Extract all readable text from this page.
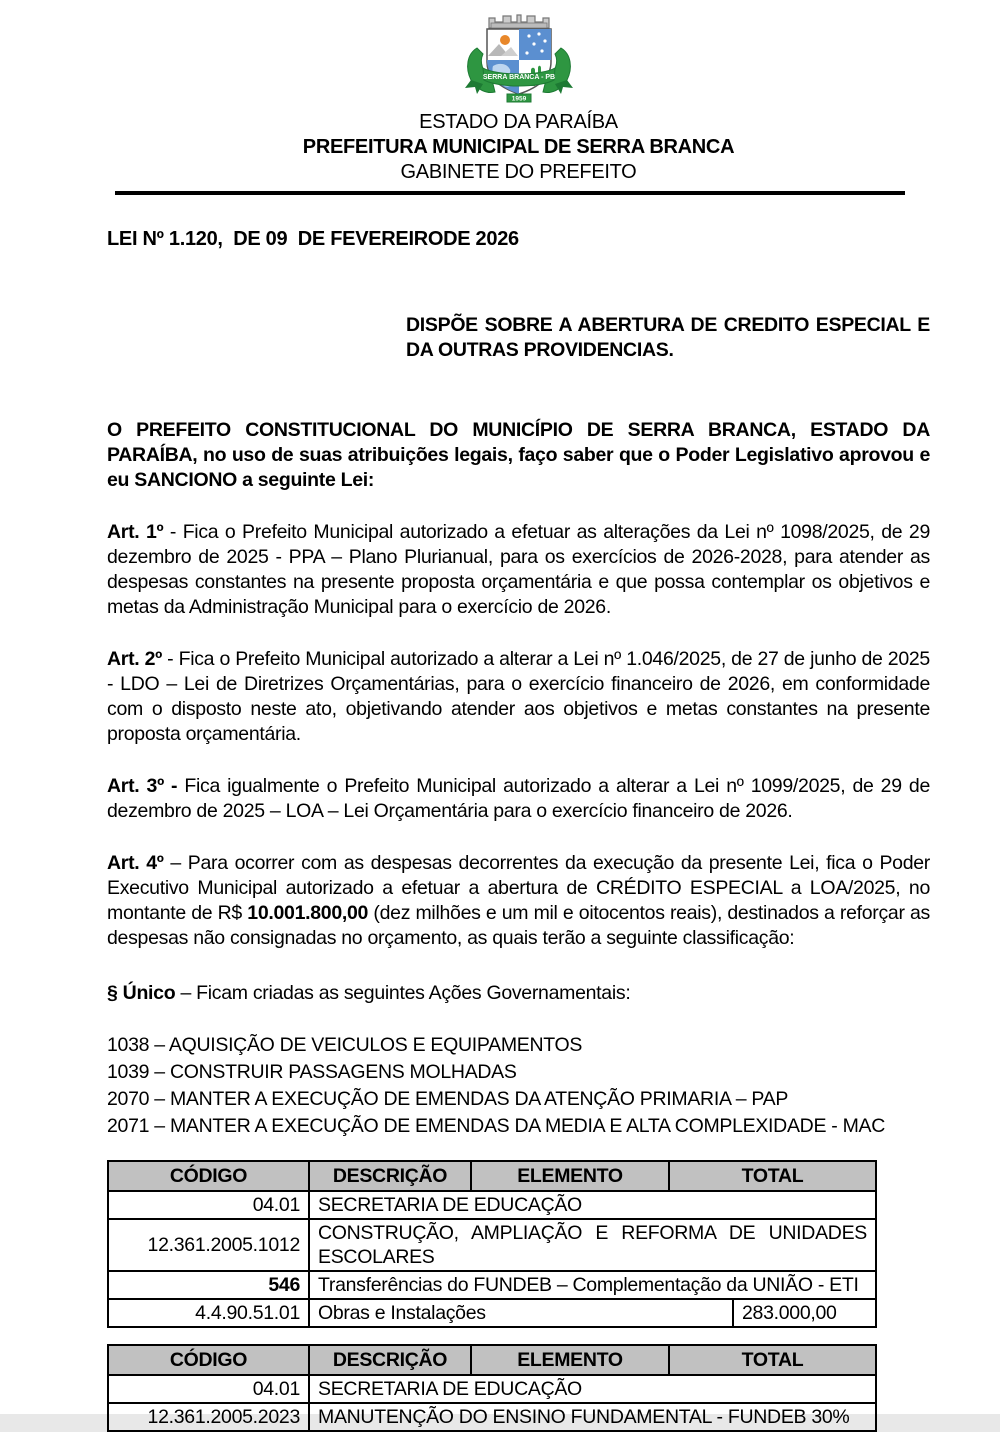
SERRA BRANCA - PB
1959
ESTADO DA PARAÍBA
PREFEITURA MUNICIPAL DE SERRA BRANCA
GABINETE DO PREFEITO
LEI Nº 1.120,  DE 09  DE FEVEREIRODE 2026
DISPÕE SOBRE A ABERTURA DE CREDITO ESPECIAL E DA OUTRAS PROVIDENCIAS.
O PREFEITO CONSTITUCIONAL DO MUNICÍPIO DE SERRA BRANCA, ESTADO DA PARAÍBA, no uso de suas atribuições legais, faço saber que o Poder Legislativo aprovou e eu SANCIONO a seguinte Lei:
Art. 1º - Fica o Prefeito Municipal autorizado a efetuar as alterações da Lei nº 1098/2025, de 29 dezembro de 2025 - PPA – Plano Plurianual, para os exercícios de 2026-2028, para atender as despesas constantes na presente proposta orçamentária e que possa contemplar os objetivos e metas da Administração Municipal para o exercício de 2026.
Art. 2º - Fica o Prefeito Municipal autorizado a alterar a Lei nº 1.046/2025, de 27 de junho de 2025 - LDO – Lei de Diretrizes Orçamentárias, para o exercício financeiro de 2026, em conformidade com o disposto neste ato, objetivando atender aos objetivos e metas constantes na presente proposta orçamentária.
Art. 3º - Fica igualmente o Prefeito Municipal autorizado a alterar a Lei nº 1099/2025, de 29 de dezembro de 2025 – LOA – Lei Orçamentária para o exercício financeiro de 2026.
Art. 4º – Para ocorrer com as despesas decorrentes da execução da presente Lei, fica o Poder Executivo Municipal autorizado a efetuar a abertura de CRÉDITO ESPECIAL a LOA/2025, no montante de R$ 10.001.800,00 (dez milhões e um mil e oitocentos reais), destinados a reforçar as despesas não consignadas no orçamento, as quais terão a seguinte classificação:
§ Único – Ficam criadas as seguintes Ações Governamentais:
1038 – AQUISIÇÃO DE VEICULOS E EQUIPAMENTOS
1039 – CONSTRUIR PASSAGENS MOLHADAS
2070 – MANTER A EXECUÇÃO DE EMENDAS DA ATENÇÃO PRIMARIA – PAP
2071 – MANTER A EXECUÇÃO DE EMENDAS DA MEDIA E ALTA COMPLEXIDADE - MAC
CÓDIGO	DESCRIÇÃO	ELEMENTO	TOTAL	
04.01	SECRETARIA DE EDUCAÇÃO			
12.361.2005.1012	CONSTRUÇÃO, AMPLIAÇÃO E REFORMA DE UNIDADES ESCOLARES			
546	Transferências do FUNDEB – Complementação da UNIÃO - ETI			
4.4.90.51.01	Obras e Instalações			283.000,00
CÓDIGO	DESCRIÇÃO	ELEMENTO	TOTAL
04.01	SECRETARIA DE EDUCAÇÃO		
12.361.2005.2023	MANUTENÇÃO DO ENSINO FUNDAMENTAL - FUNDEB 30%		
